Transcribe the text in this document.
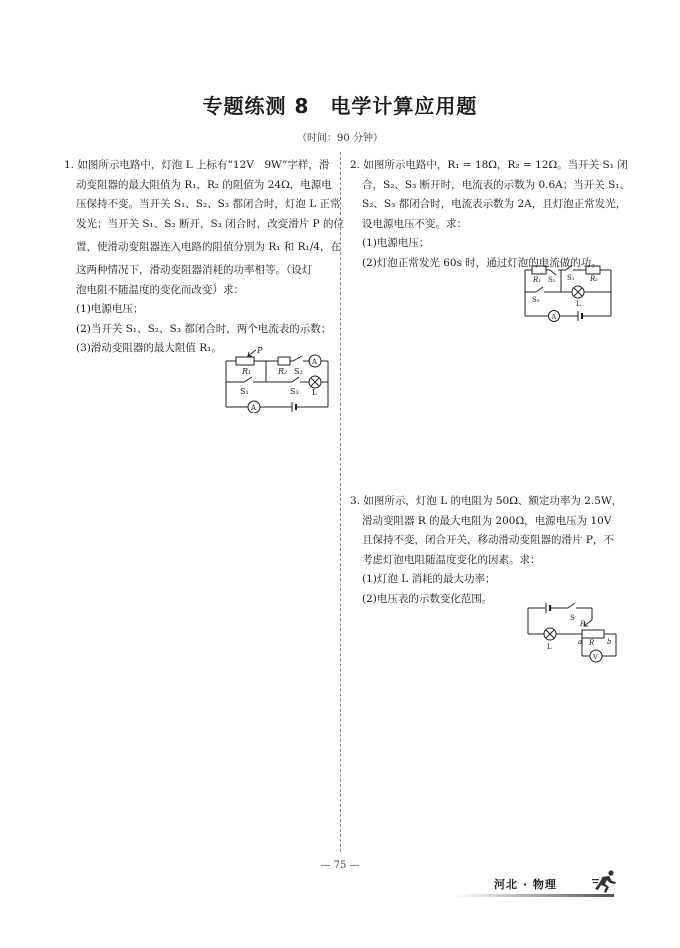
专题练测 8　电学计算应用题
（时间：90 分钟）

1. 如图所示电路中，灯泡 L 上标有“12V　9W”字样，滑

动变阻器的最大阻值为 R₁，R₂ 的阻值为 24Ω，电源电

压保持不变。当开关 S₁、S₂、S₃ 都闭合时，灯泡 L 正常

发光；当开关 S₁、S₂ 断开，S₃ 闭合时，改变滑片 P 的位

置，使滑动变阻器连入电路的阻值分别为 R₁ 和 R₁/4，在

这两种情况下，滑动变阻器消耗的功率相等。（设灯

泡电阻不随温度的变化而改变）求：

(1)电源电压；

(2)当开关 S₁、S₂、S₃ 都闭合时，两个电流表的示数；

(3)滑动变阻器的最大阻值 R₁。

R₁
P
R₂ S₂
S₁	S₃ L
A
A

2. 如图所示电路中，R₁ = 18Ω，R₂ = 12Ω。当开关 S₁ 闭

合，S₂、S₃ 断开时，电流表的示数为 0.6A；当开关 S₁、

S₂、S₃ 都闭合时，电流表示数为 2A，且灯泡正常发光，

设电源电压不变。求：

(1)电源电压；

(2)灯泡正常发光 60s 时，通过灯泡的电流做的功。

R₁ S₂ S₁ R₂
S₃	L
A

3. 如图所示，灯泡 L 的电阻为 50Ω、额定功率为 2.5W，

滑动变阻器 R 的最大电阻为 200Ω，电源电压为 10V

且保持不变，闭合开关，移动滑动变阻器的滑片 P，不

考虑灯泡电阻随温度变化的因素。求：

(1)灯泡 L 消耗的最大功率；

(2)电压表的示数变化范围。

S
P
a R b
L
V
— 75 —
河北 · 物理
